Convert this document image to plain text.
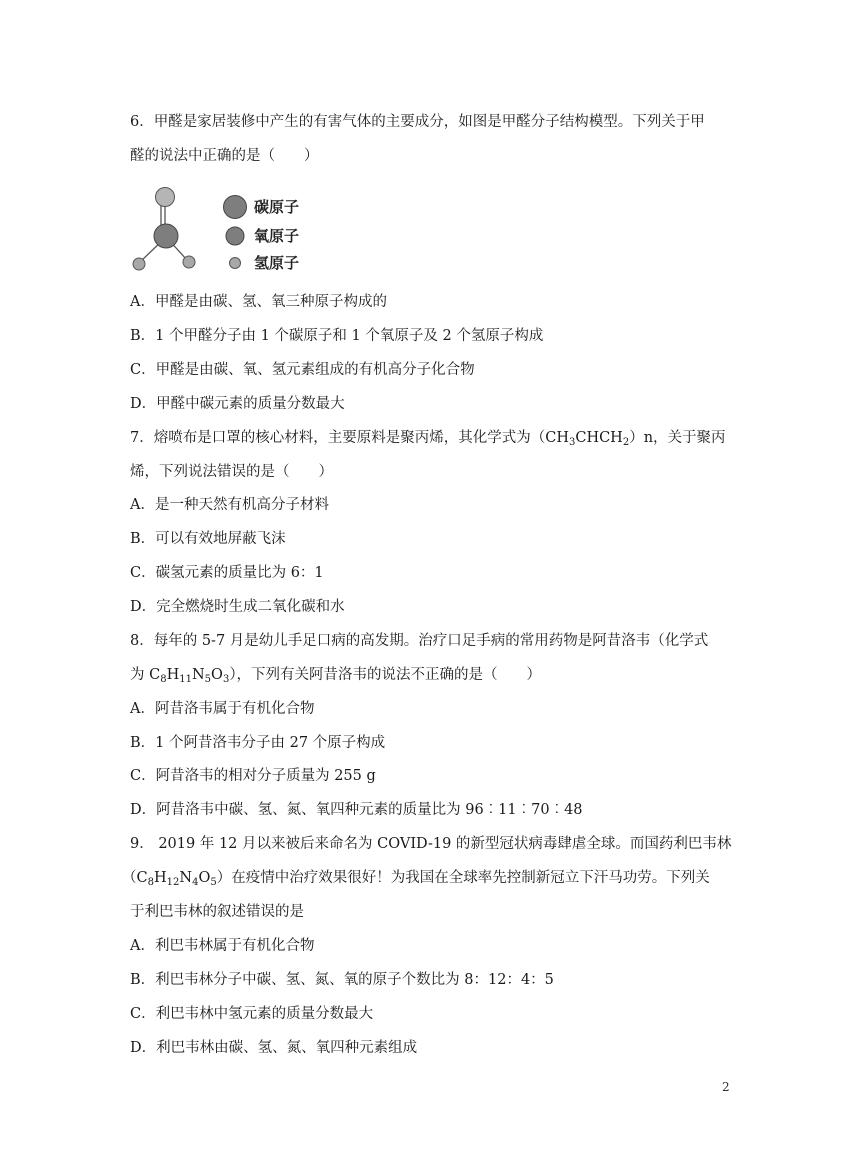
6．甲醛是家居装修中产生的有害气体的主要成分，如图是甲醛分子结构模型。下列关于甲
醛的说法中正确的是（　　）
碳原子
氧原子
氢原子
A．甲醛是由碳、氢、氧三种原子构成的
B．1 个甲醛分子由 1 个碳原子和 1 个氧原子及 2 个氢原子构成
C．甲醛是由碳、氧、氢元素组成的有机高分子化合物
D．甲醛中碳元素的质量分数最大
7．熔喷布是口罩的核心材料，主要原料是聚丙烯，其化学式为$(CH_3CHCH_2)n$，关于聚丙
烯，下列说法错误的是（　　）
A．是一种天然有机高分子材料
B．可以有效地屏蔽飞沫
C．碳氢元素的质量比为 6：1
D．完全燃烧时生成二氧化碳和水
8．每年的 5-7 月是幼儿手足口病的高发期。治疗口足手病的常用药物是阿昔洛韦（化学式
为 $C_8H_{11}N_5O_3$），下列有关阿昔洛韦的说法不正确的是（　　）
A．阿昔洛韦属于有机化合物
B．1 个阿昔洛韦分子由 27 个原子构成
C．阿昔洛韦的相对分子质量为 255 g
D．阿昔洛韦中碳、氢、氮、氧四种元素的质量比为 96︰11︰70︰48
9． 2019 年 12 月以来被后来命名为 COVID-19 的新型冠状病毒肆虐全球。而国药利巴韦林
$(C_8H_{12}N_4O_5)$在疫情中治疗效果很好！为我国在全球率先控制新冠立下汗马功劳。下列关
于利巴韦林的叙述错误的是
A．利巴韦林属于有机化合物
B．利巴韦林分子中碳、氢、氮、氧的原子个数比为 8：12：4：5
C．利巴韦林中氢元素的质量分数最大
D．利巴韦林由碳、氢、氮、氧四种元素组成
2
